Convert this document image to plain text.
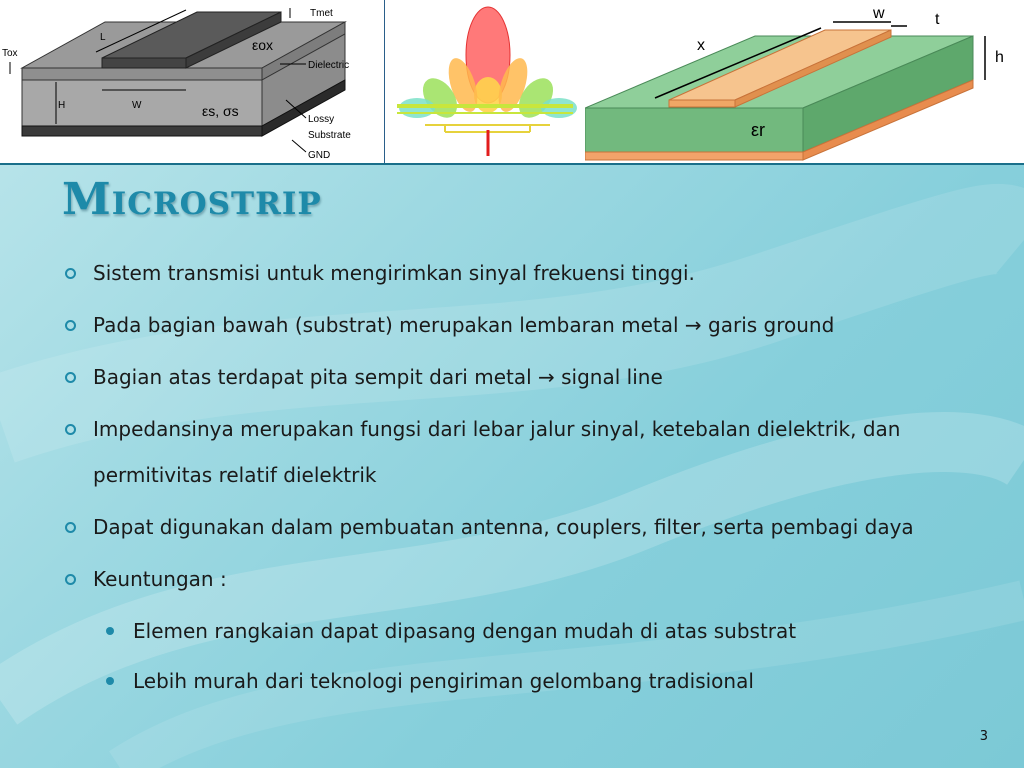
Tmet
Tox
L	εox
Dielectric
H	W	εs, σs
Lossy
Substrate
GND
x
w	t
h
εr
Microstrip
Sistem transmisi untuk mengirimkan sinyal frekuensi tinggi.
Pada bagian bawah (substrat) merupakan lembaran metal → garis ground
Bagian atas terdapat pita sempit dari metal → signal line
Impedansinya merupakan fungsi dari lebar jalur sinyal, ketebalan dielektrik, dan permitivitas relatif dielektrik
Dapat digunakan dalam pembuatan antenna, couplers, filter, serta pembagi daya
Keuntungan :
Elemen rangkaian dapat dipasang dengan mudah di atas substrat
Lebih murah dari teknologi pengiriman gelombang tradisional
3
